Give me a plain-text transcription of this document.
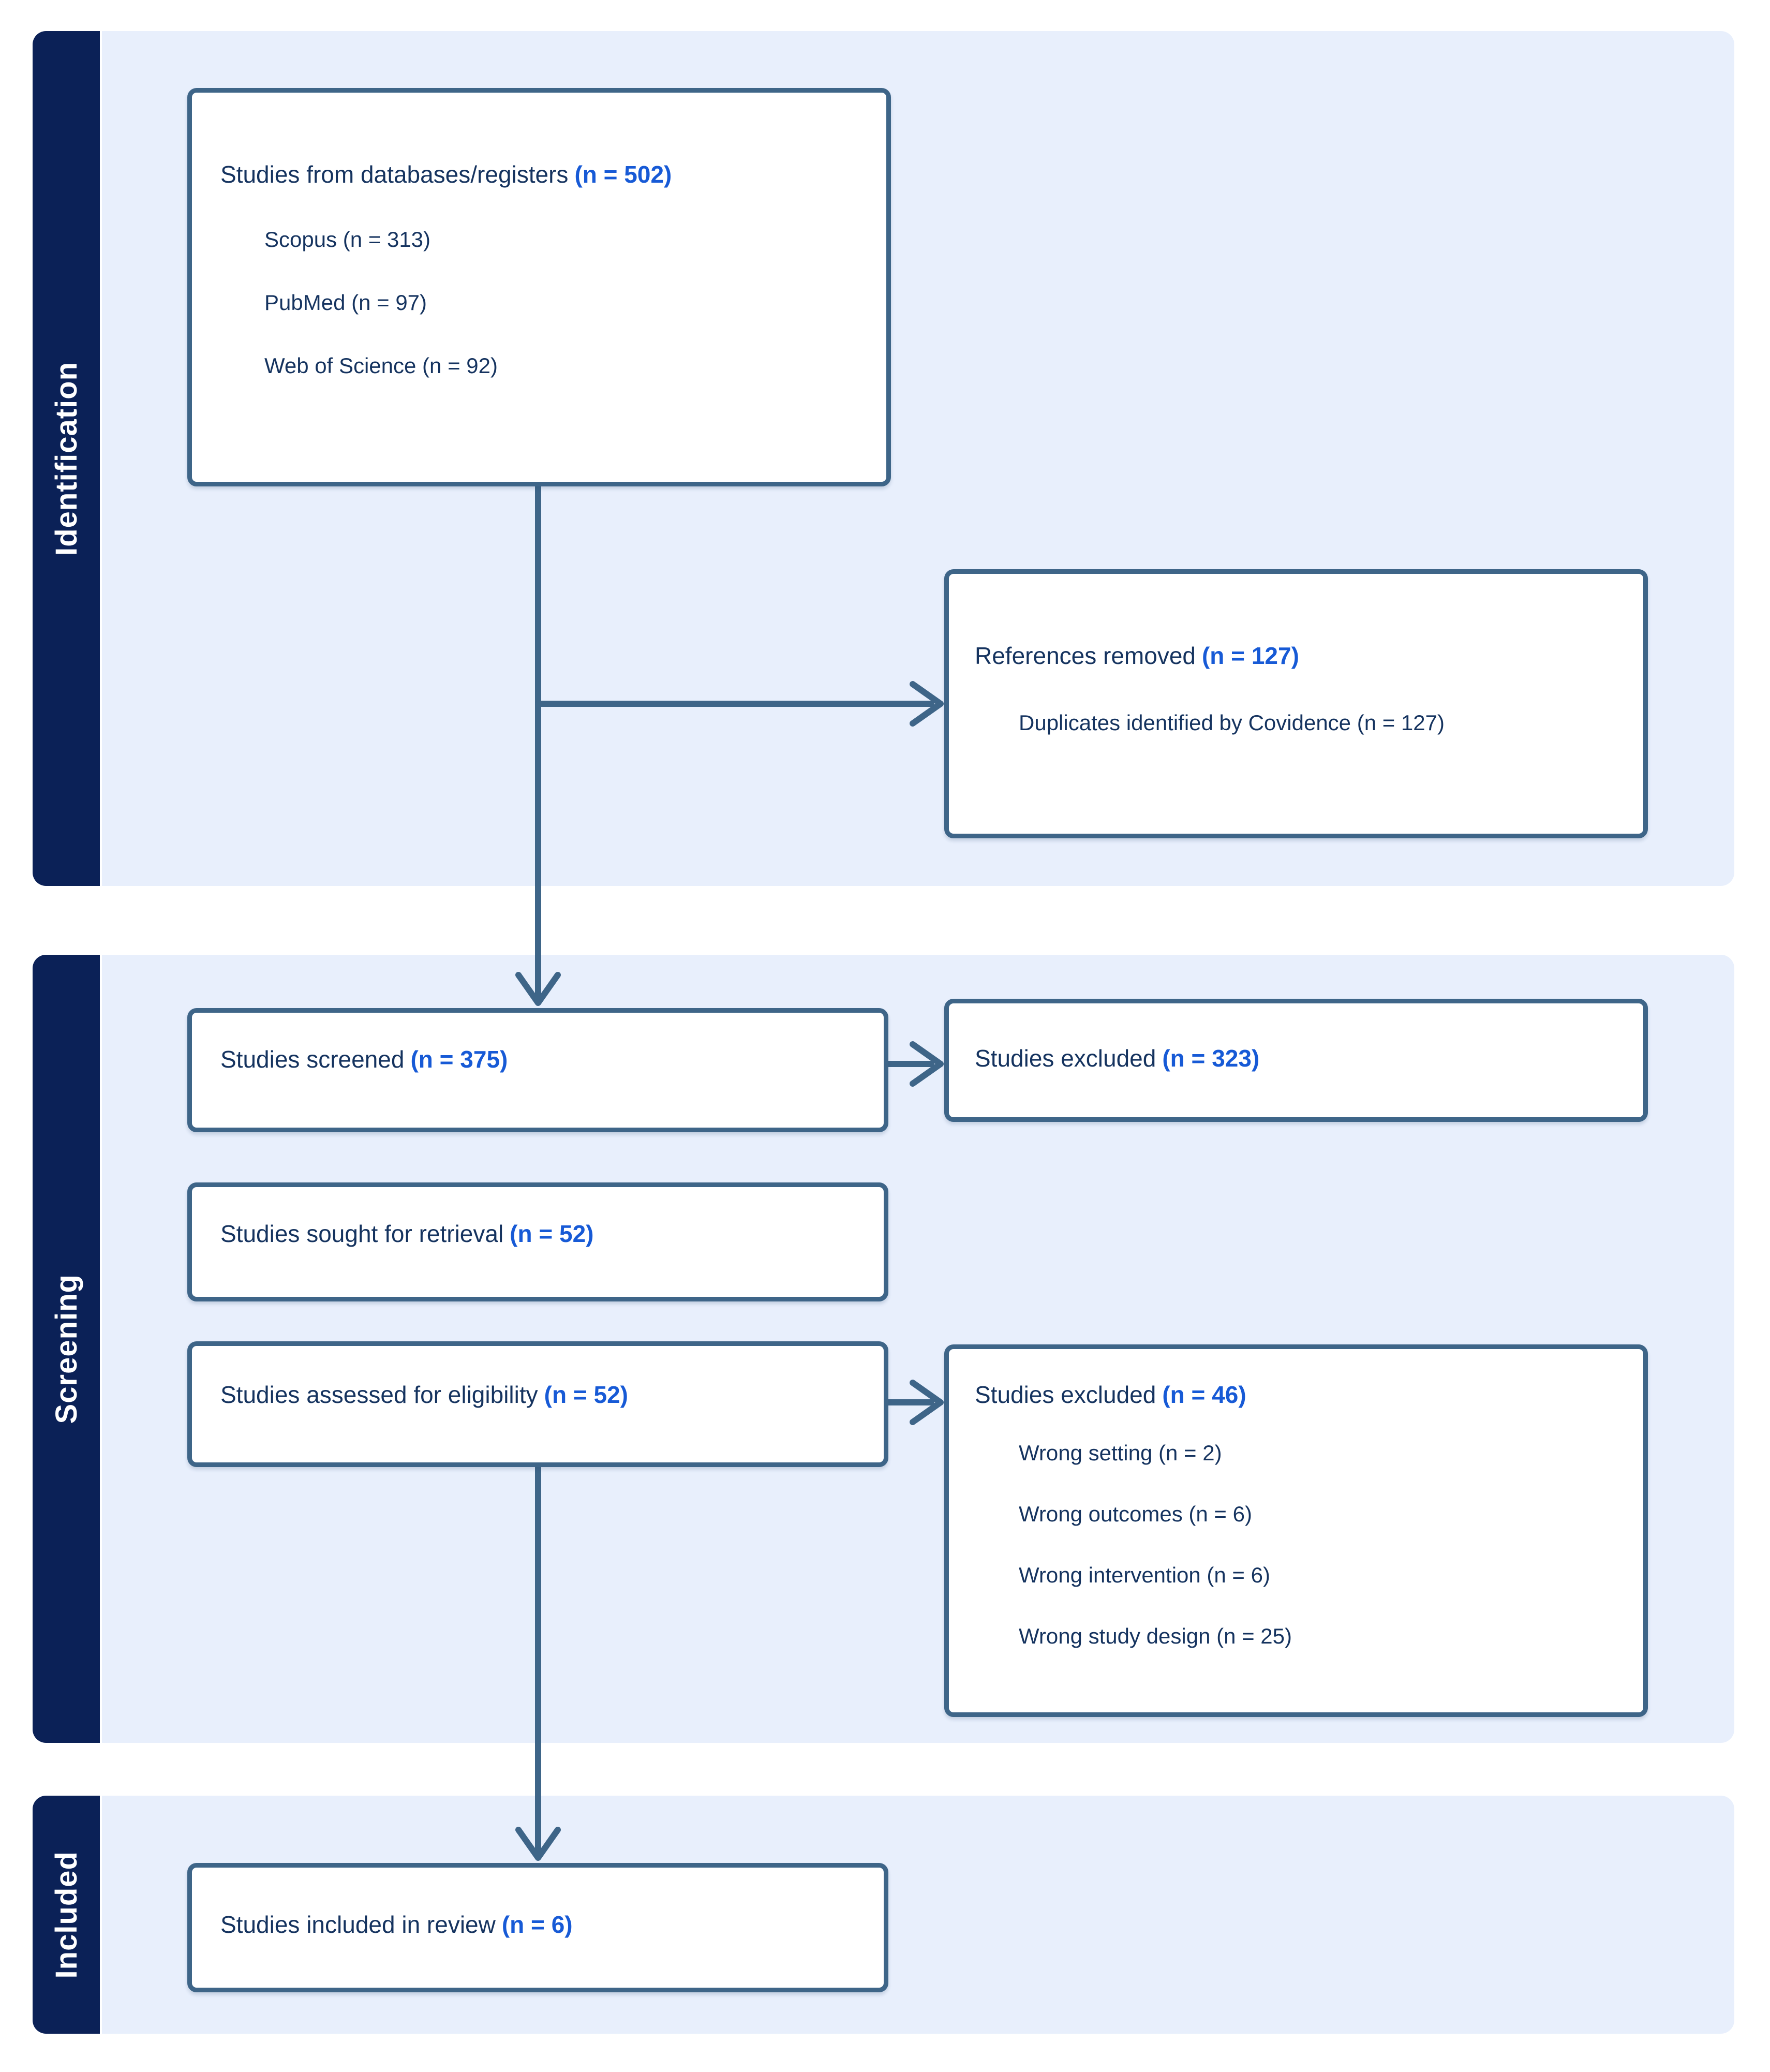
Identification
Screening
Included
Studies from databases/registers (n = 502)
Scopus (n = 313)
PubMed (n = 97)
Web of Science (n = 92)
References removed (n = 127)
Duplicates identified by Covidence (n = 127)
Studies screened (n = 375)	Studies excluded (n = 323)
Studies sought for retrieval (n = 52)
Studies assessed for eligibility (n = 52)	Studies excluded (n = 46)
Wrong setting (n = 2)
Wrong outcomes (n = 6)
Wrong intervention (n = 6)
Wrong study design (n = 25)
Studies included in review (n = 6)
